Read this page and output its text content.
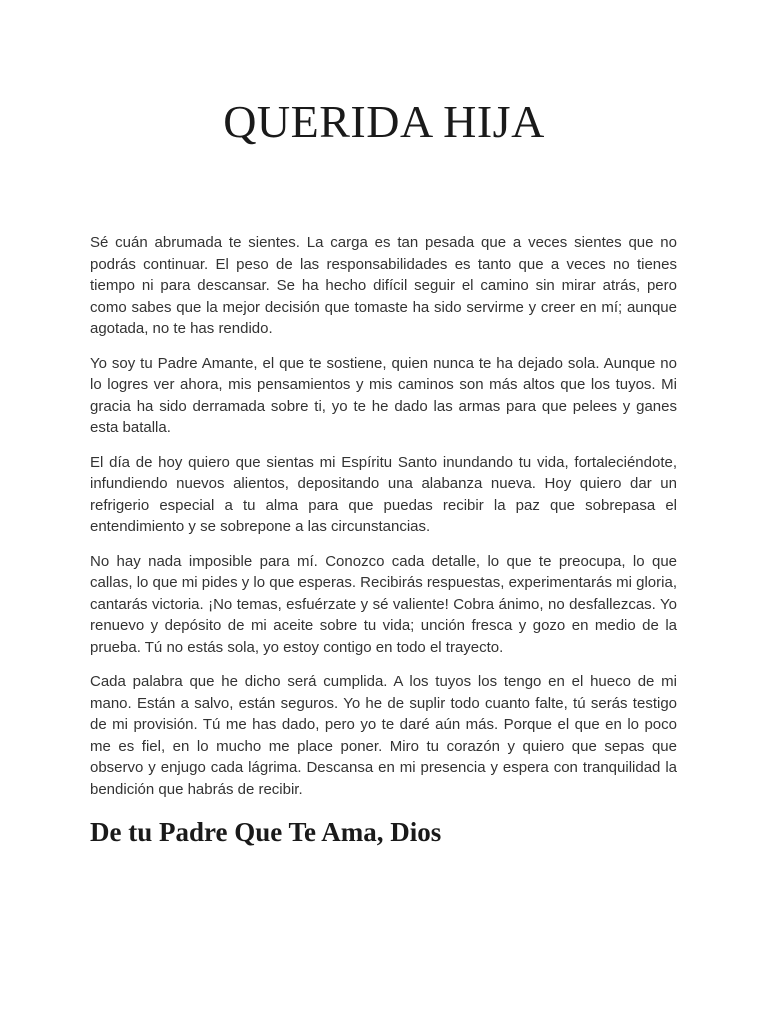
QUERIDA HIJA

Sé cuán abrumada te sientes. La carga es tan pesada que a veces sientes que no podrás continuar. El peso de las responsabilidades es tanto que a veces no tienes tiempo ni para descansar. Se ha hecho difícil seguir el camino sin mirar atrás, pero como sabes que la mejor decisión que tomaste ha sido servirme y creer en mí; aunque agotada, no te has rendido.

Yo soy tu Padre Amante, el que te sostiene, quien nunca te ha dejado sola. Aunque no lo logres ver ahora, mis pensamientos y mis caminos son más altos que los tuyos. Mi gracia ha sido derramada sobre ti, yo te he dado las armas para que pelees y ganes esta batalla.

El día de hoy quiero que sientas mi Espíritu Santo inundando tu vida, fortaleciéndote, infundiendo nuevos alientos, depositando una alabanza nueva. Hoy quiero dar un refrigerio especial a tu alma para que puedas recibir la paz que sobrepasa el entendimiento y se sobrepone a las circunstancias.

No hay nada imposible para mí. Conozco cada detalle, lo que te preocupa, lo que callas, lo que mi pides y lo que esperas. Recibirás respuestas, experimentarás mi gloria, cantarás victoria. ¡No temas, esfuérzate y sé valiente! Cobra ánimo, no desfallezcas. Yo renuevo y depósito de mi aceite sobre tu vida; unción fresca y gozo en medio de la prueba. Tú no estás sola, yo estoy contigo en todo el trayecto.

Cada palabra que he dicho será cumplida. A los tuyos los tengo en el hueco de mi mano. Están a salvo, están seguros. Yo he de suplir todo cuanto falte, tú serás testigo de mi provisión. Tú me has dado, pero yo te daré aún más. Porque el que en lo poco me es fiel, en lo mucho me place poner. Miro tu corazón y quiero que sepas que observo y enjugo cada lágrima. Descansa en mi presencia y espera con tranquilidad la bendición que habrás de recibir.

De tu Padre Que Te Ama, Dios
